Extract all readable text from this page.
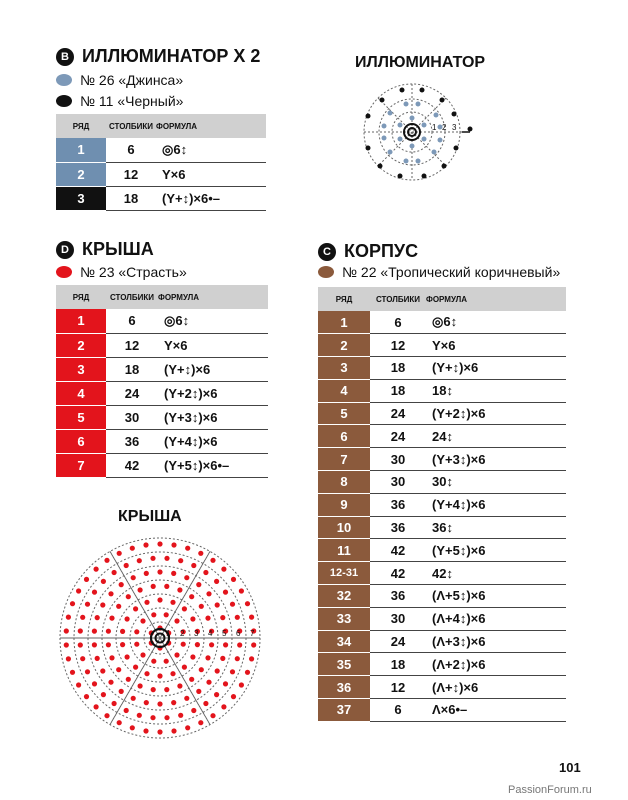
B ИЛЛЮМИНАТОР X 2
№ 26 «Джинса»
№ 11 «Черный»
РЯД	СТОЛБИКИ	ФОРМУЛА
1	6	◎6↕
2	12	Y×6
3	18	(Y+↕)×6•–
ИЛЛЮМИНАТОР
1 2 3
D КРЫША
№ 23 «Страсть»
РЯД	СТОЛБИКИ	ФОРМУЛА
1	6	◎6↕
2	12	Y×6
3	18	(Y+↕)×6
4	24	(Y+2↕)×6
5	30	(Y+3↕)×6
6	36	(Y+4↕)×6
7	42	(Y+5↕)×6•–
КРЫША
1 2 3 4 5 6 7
C КОРПУС
№ 22 «Тропический коричневый»
РЯД	СТОЛБИКИ	ФОРМУЛА
1	6	◎6↕
2	12	Y×6
3	18	(Y+↕)×6
4	18	18↕
5	24	(Y+2↕)×6
6	24	24↕
7	30	(Y+3↕)×6
8	30	30↕
9	36	(Y+4↕)×6
10	36	36↕
11	42	(Y+5↕)×6
12-31	42	42↕
32	36	(Λ+5↕)×6
33	30	(Λ+4↕)×6
34	24	(Λ+3↕)×6
35	18	(Λ+2↕)×6
36	12	(Λ+↕)×6
37	6	Λ×6•–
101
PassionForum.ru
